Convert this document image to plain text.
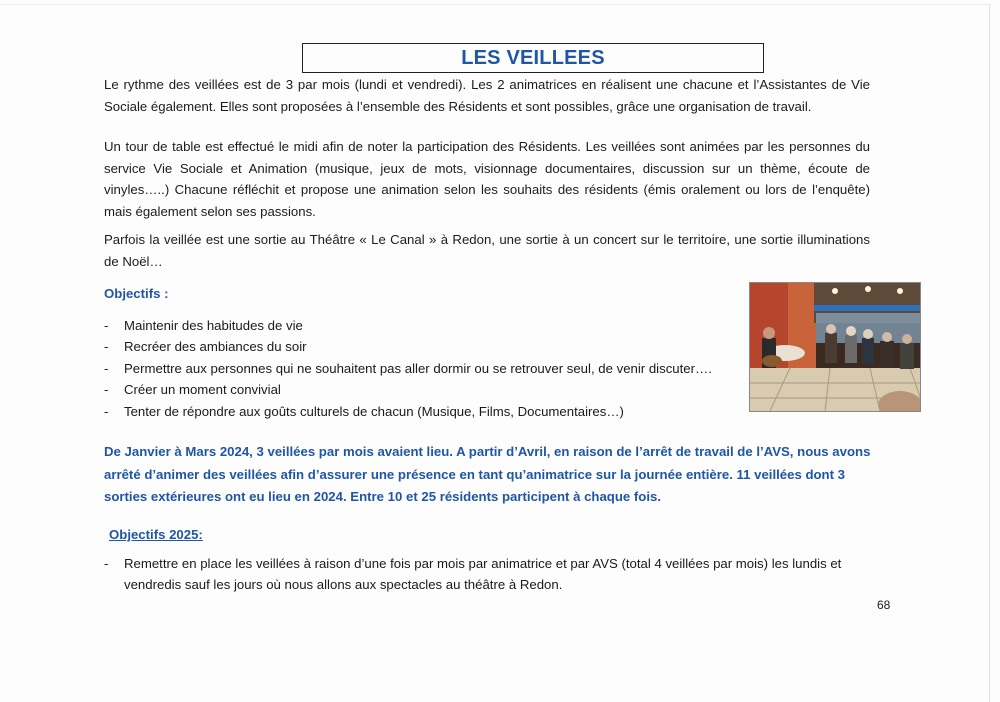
LES VEILLEES

Le rythme des veillées est de 3 par mois (lundi et vendredi). Les 2 animatrices en réalisent une chacune et l’Assistantes de Vie Sociale également. Elles sont proposées à l’ensemble des Résidents et sont possibles, grâce une organisation de travail.

Un tour de table est effectué le midi afin de noter la participation des Résidents. Les veillées sont animées par les personnes du service Vie Sociale et Animation (musique, jeux de mots, visionnage documentaires, discussion sur un thème, écoute de vinyles…..) Chacune réfléchit et propose une animation selon les souhaits des résidents (émis oralement ou lors de l’enquête) mais également selon ses passions.

Parfois la veillée est une sortie au Théâtre « Le Canal » à Redon, une sortie à un concert sur le territoire, une sortie illuminations de Noël…

Objectifs :
- Maintenir des habitudes de vie
- Recréer des ambiances du soir
- Permettre aux personnes qui ne souhaitent pas aller dormir ou se retrouver seul, de venir discuter….
- Créer un moment convivial
- Tenter de répondre aux goûts culturels de chacun (Musique, Films, Documentaires…)

De Janvier à Mars 2024, 3 veillées par mois avaient lieu. A partir d’Avril, en raison de l’arrêt de travail de l’AVS, nous avons arrêté d’animer des veillées afin d’assurer une présence en tant qu’animatrice sur la journée entière. 11 veillées dont 3 sorties extérieures ont eu lieu en 2024. Entre 10 et 25 résidents participent à chaque fois.

Objectifs 2025:
- Remettre en place les veillées à raison d’une fois par mois par animatrice et par AVS (total 4 veillées par mois) les lundis et vendredis sauf les jours où nous allons aux spectacles au théâtre à Redon.
68
